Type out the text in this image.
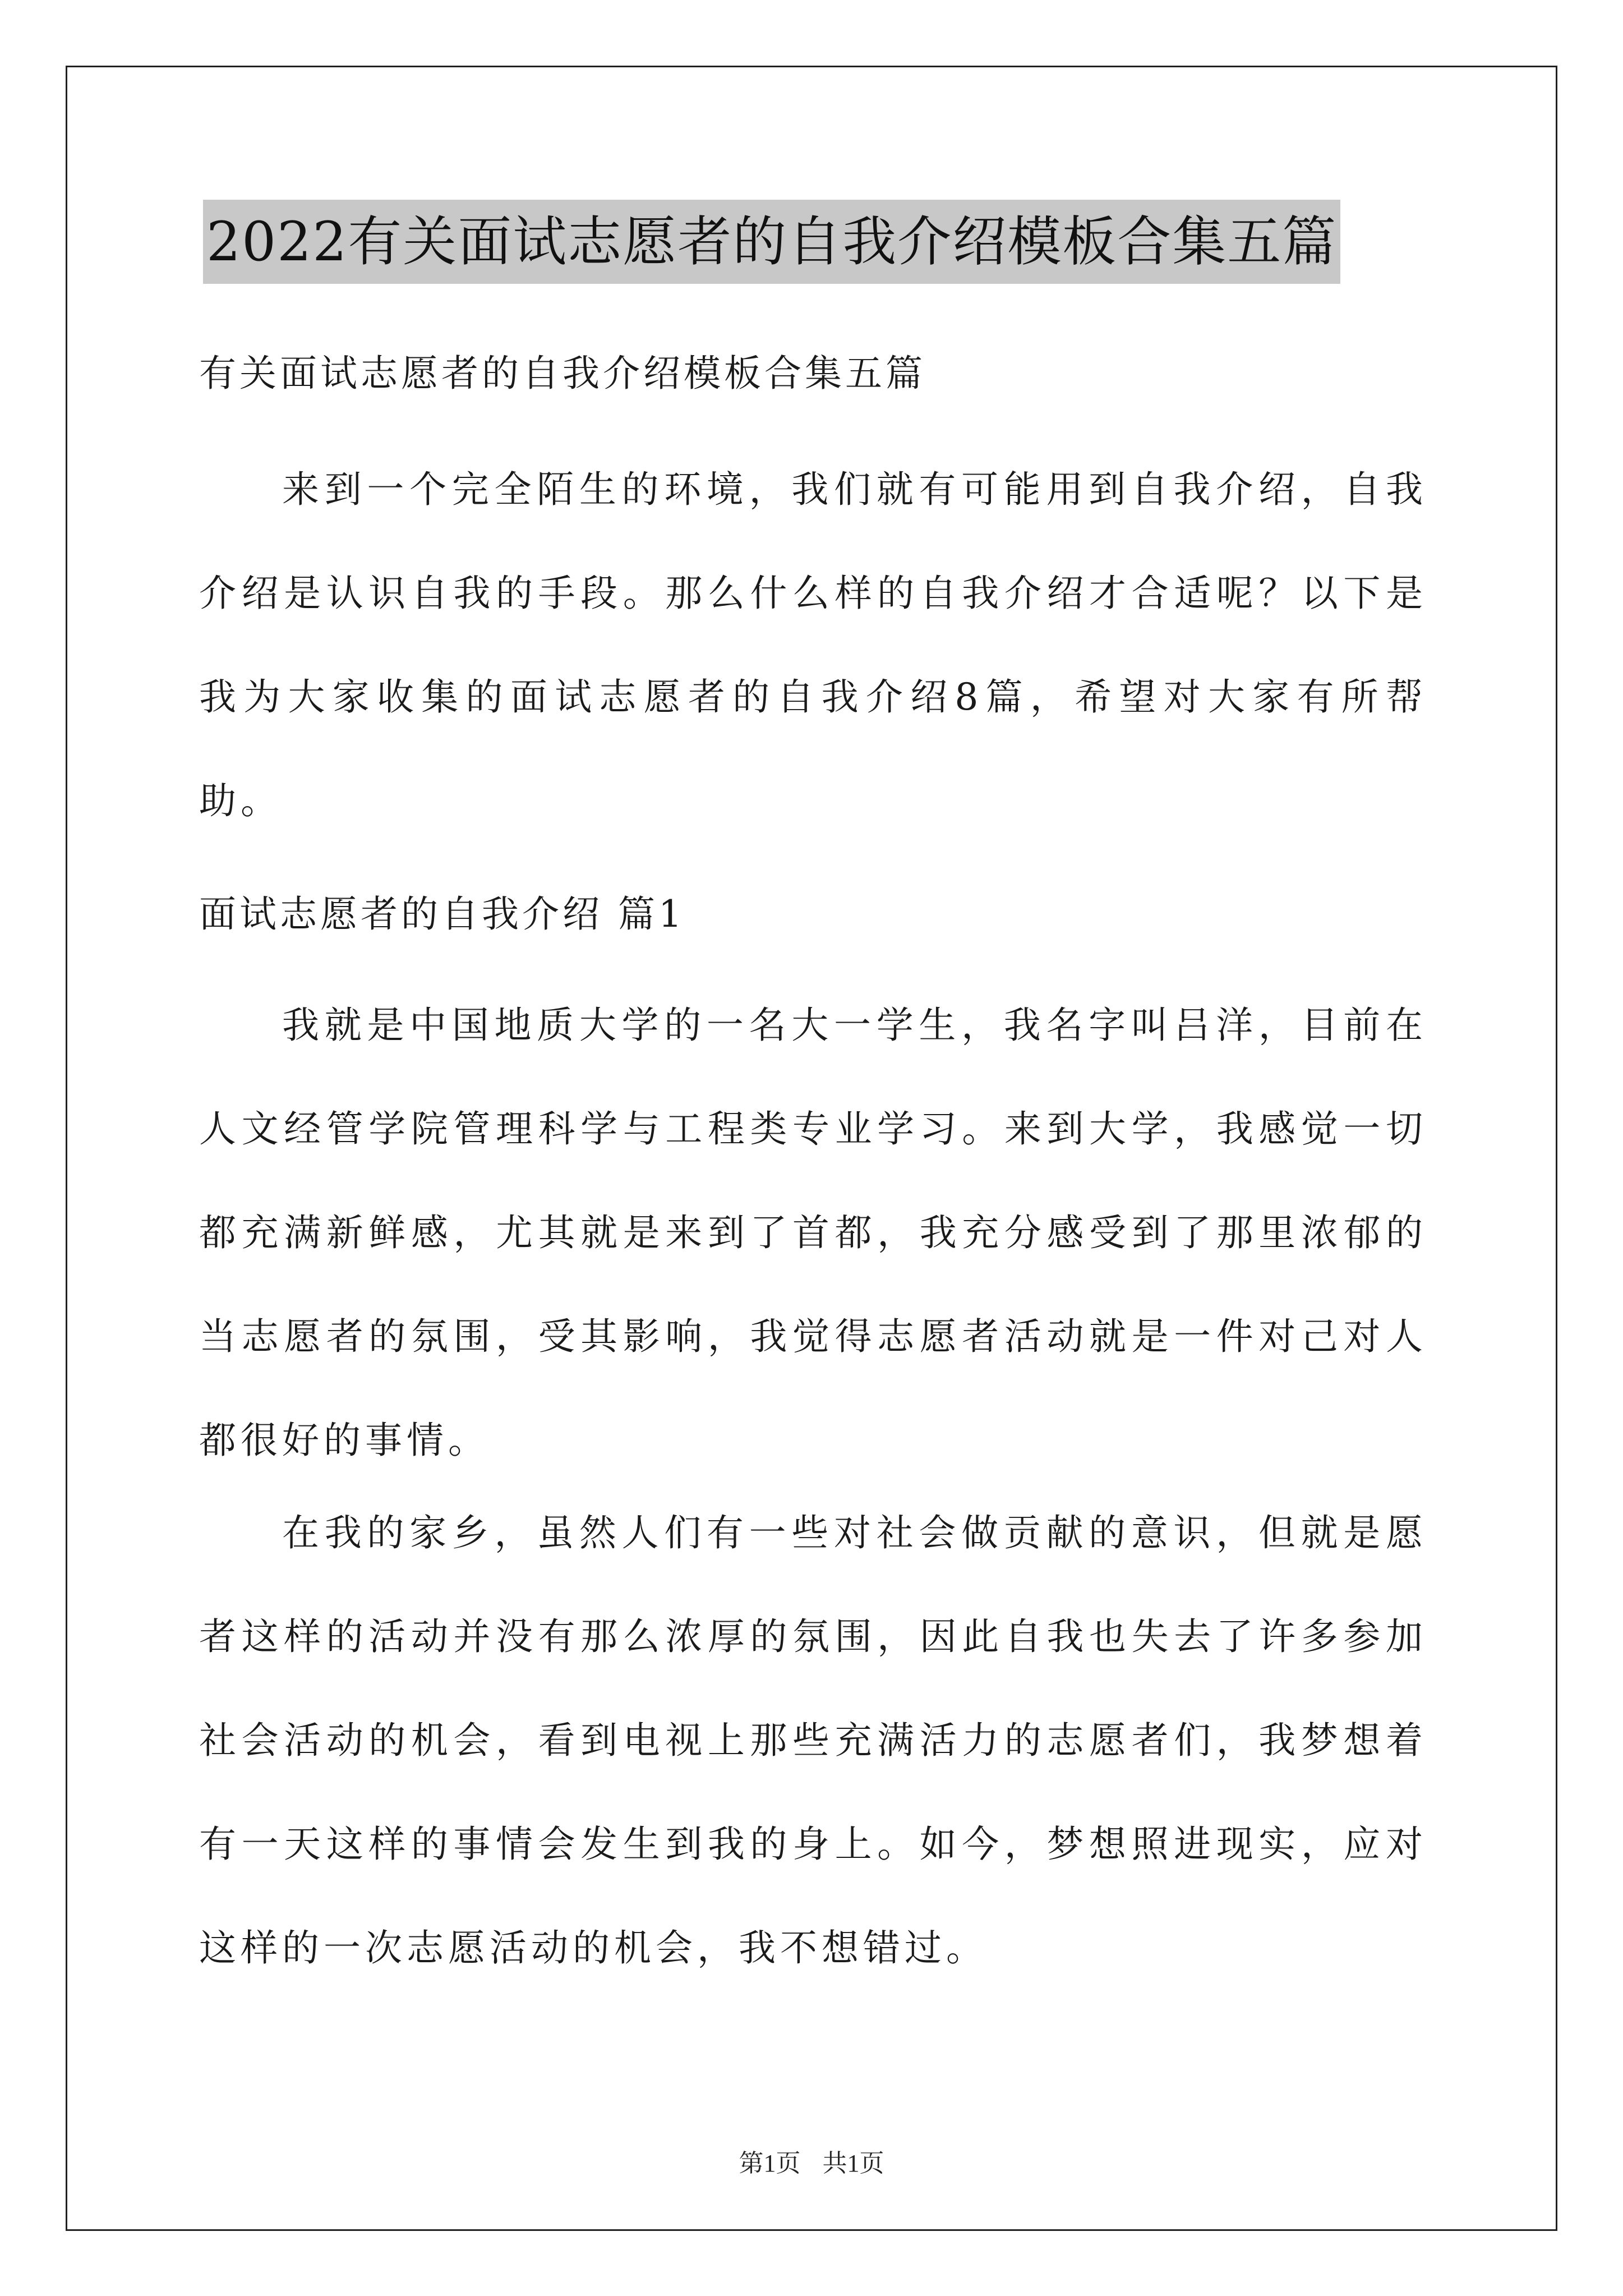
2022有关面试志愿者的自我介绍模板合集五篇
有关面试志愿者的自我介绍模板合集五篇
来到一个完全陌生的环境，我们就有可能用到自我介绍，自我介绍是认识自我的手段。那么什么样的自我介绍才合适呢？以下是我为大家收集的面试志愿者的自我介绍8篇，希望对大家有所帮助。
面试志愿者的自我介绍 篇1
我就是中国地质大学的一名大一学生，我名字叫吕洋，目前在人文经管学院管理科学与工程类专业学习。来到大学，我感觉一切都充满新鲜感，尤其就是来到了首都，我充分感受到了那里浓郁的当志愿者的氛围，受其影响，我觉得志愿者活动就是一件对己对人都很好的事情。
在我的家乡，虽然人们有一些对社会做贡献的意识，但就是愿者这样的活动并没有那么浓厚的氛围，因此自我也失去了许多参加社会活动的机会，看到电视上那些充满活力的志愿者们，我梦想着有一天这样的事情会发生到我的身上。如今，梦想照进现实，应对这样的一次志愿活动的机会，我不想错过。
第1页 共1页
